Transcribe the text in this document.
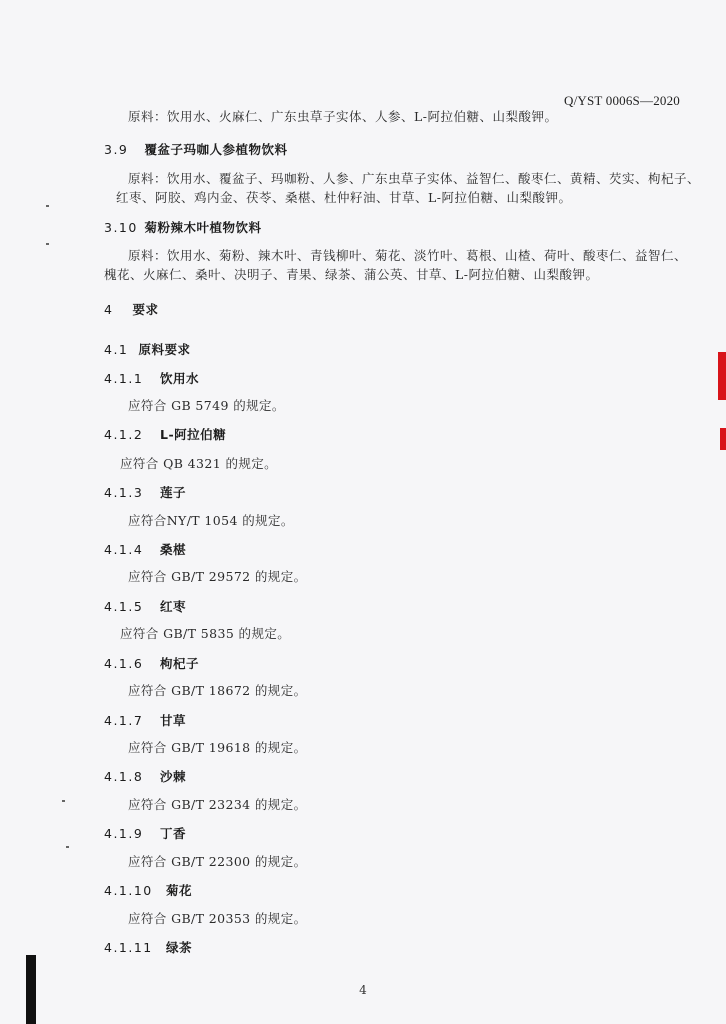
Q/YST 0006S—2020
原料：饮用水、火麻仁、广东虫草子实体、人参、L-阿拉伯糖、山梨酸钾。
3.9 覆盆子玛咖人参植物饮料
原料：饮用水、覆盆子、玛咖粉、人参、广东虫草子实体、益智仁、酸枣仁、黄精、芡实、枸杞子、
红枣、阿胶、鸡内金、茯苓、桑椹、杜仲籽油、甘草、L-阿拉伯糖、山梨酸钾。
3.10 菊粉辣木叶植物饮料
原料：饮用水、菊粉、辣木叶、青钱柳叶、菊花、淡竹叶、葛根、山楂、荷叶、酸枣仁、益智仁、
槐花、火麻仁、桑叶、决明子、青果、绿茶、蒲公英、甘草、L-阿拉伯糖、山梨酸钾。
4 要求
4.1 原料要求
4.1.1 饮用水
应符合 GB 5749 的规定。
4.1.2 L-阿拉伯糖
应符合 QB 4321 的规定。
4.1.3 莲子
应符合NY/T 1054 的规定。
4.1.4 桑椹
应符合 GB/T 29572 的规定。
4.1.5 红枣
应符合 GB/T 5835 的规定。
4.1.6 枸杞子
应符合 GB/T 18672 的规定。
4.1.7 甘草
应符合 GB/T 19618 的规定。
4.1.8 沙棘
应符合 GB/T 23234 的规定。
4.1.9 丁香
应符合 GB/T 22300 的规定。
4.1.10 菊花
应符合 GB/T 20353 的规定。
4.1.11 绿茶
4
